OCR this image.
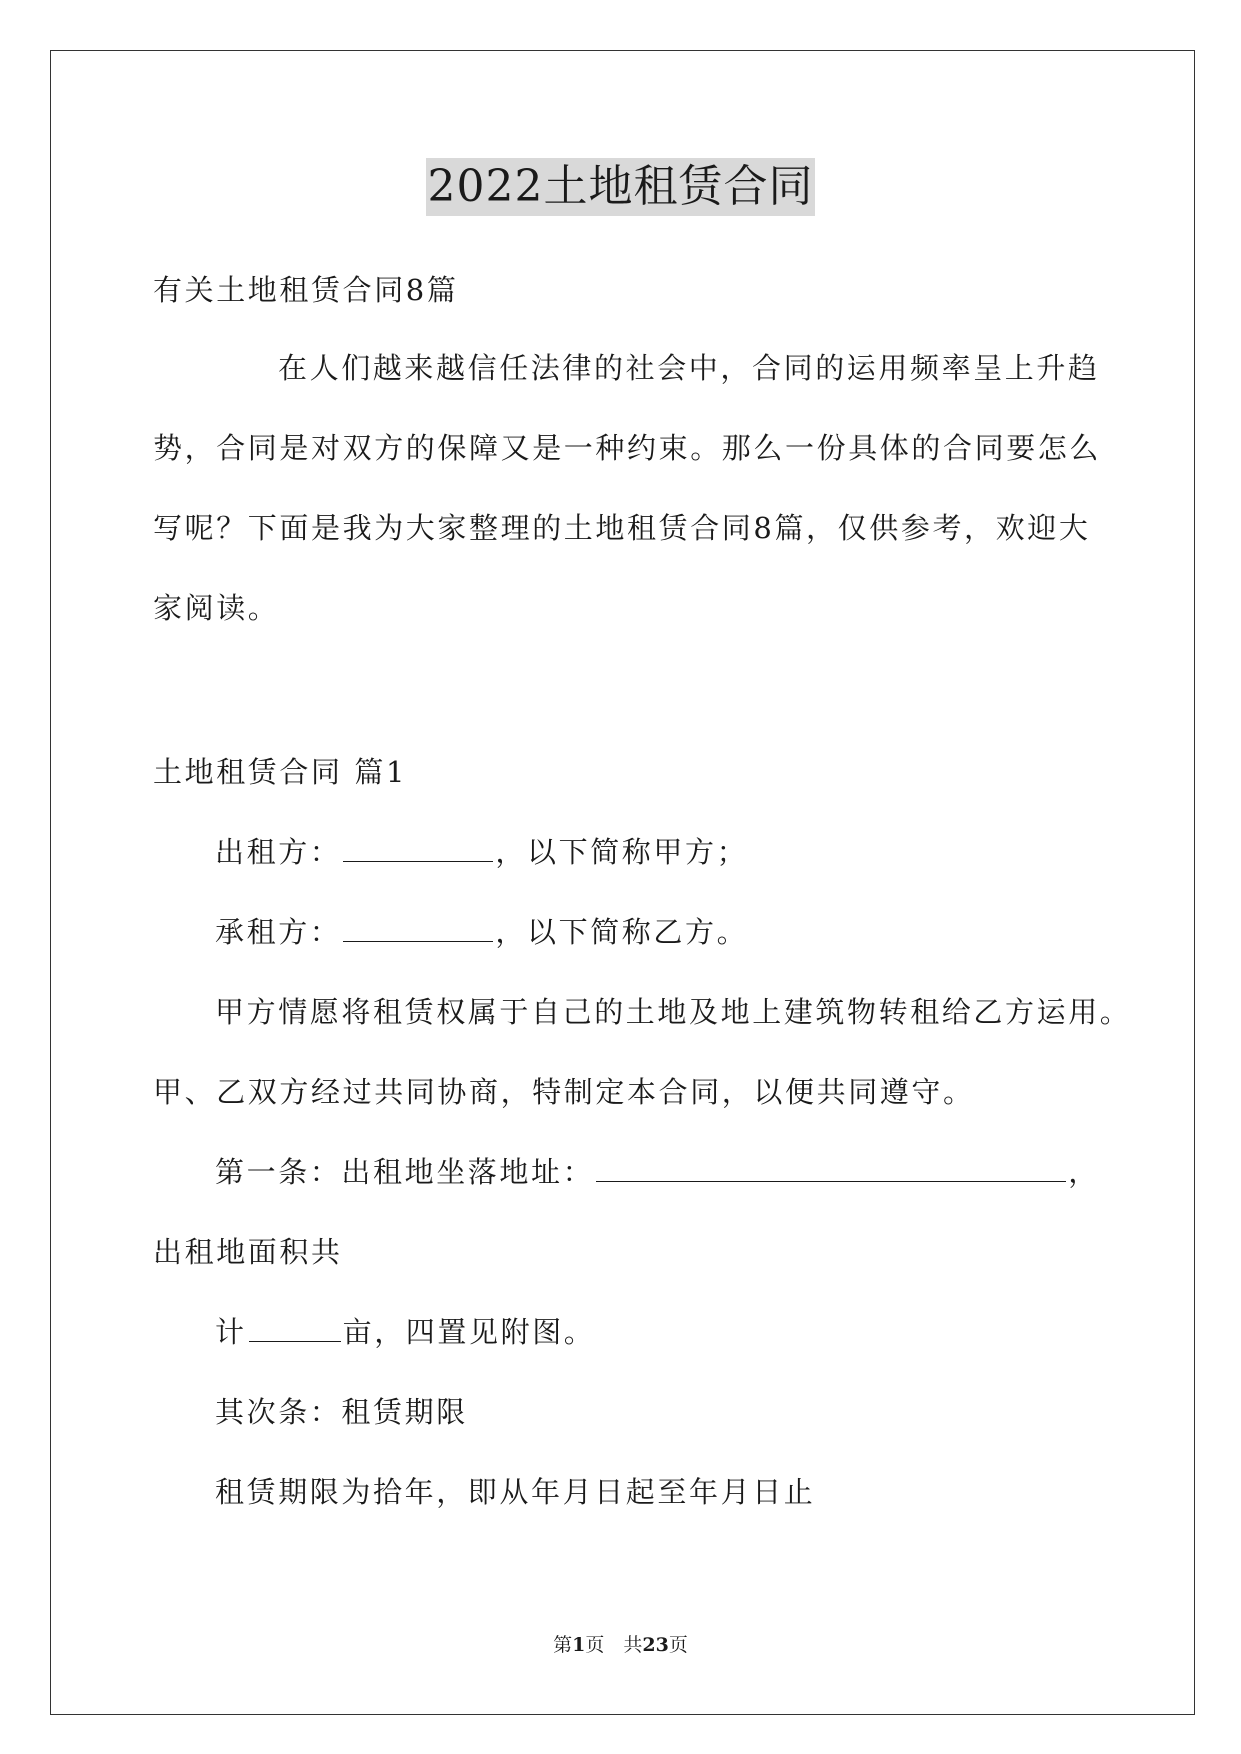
2022土地租赁合同
有关土地租赁合同8篇
在人们越来越信任法律的社会中，合同的运用频率呈上升趋
势，合同是对双方的保障又是一种约束。那么一份具体的合同要怎么
写呢？下面是我为大家整理的土地租赁合同8篇，仅供参考，欢迎大
家阅读。
土地租赁合同 篇1
出租方：	，以下简称甲方；
承租方：	，以下简称乙方。
甲方情愿将租赁权属于自己的土地及地上建筑物转租给乙方运用。
甲、乙双方经过共同协商，特制定本合同，以便共同遵守。
第一条：出租地坐落地址：	，
出租地面积共
计	亩，四置见附图。
其次条：租赁期限
租赁期限为拾年，即从年月日起至年月日止
第1页　共23页
